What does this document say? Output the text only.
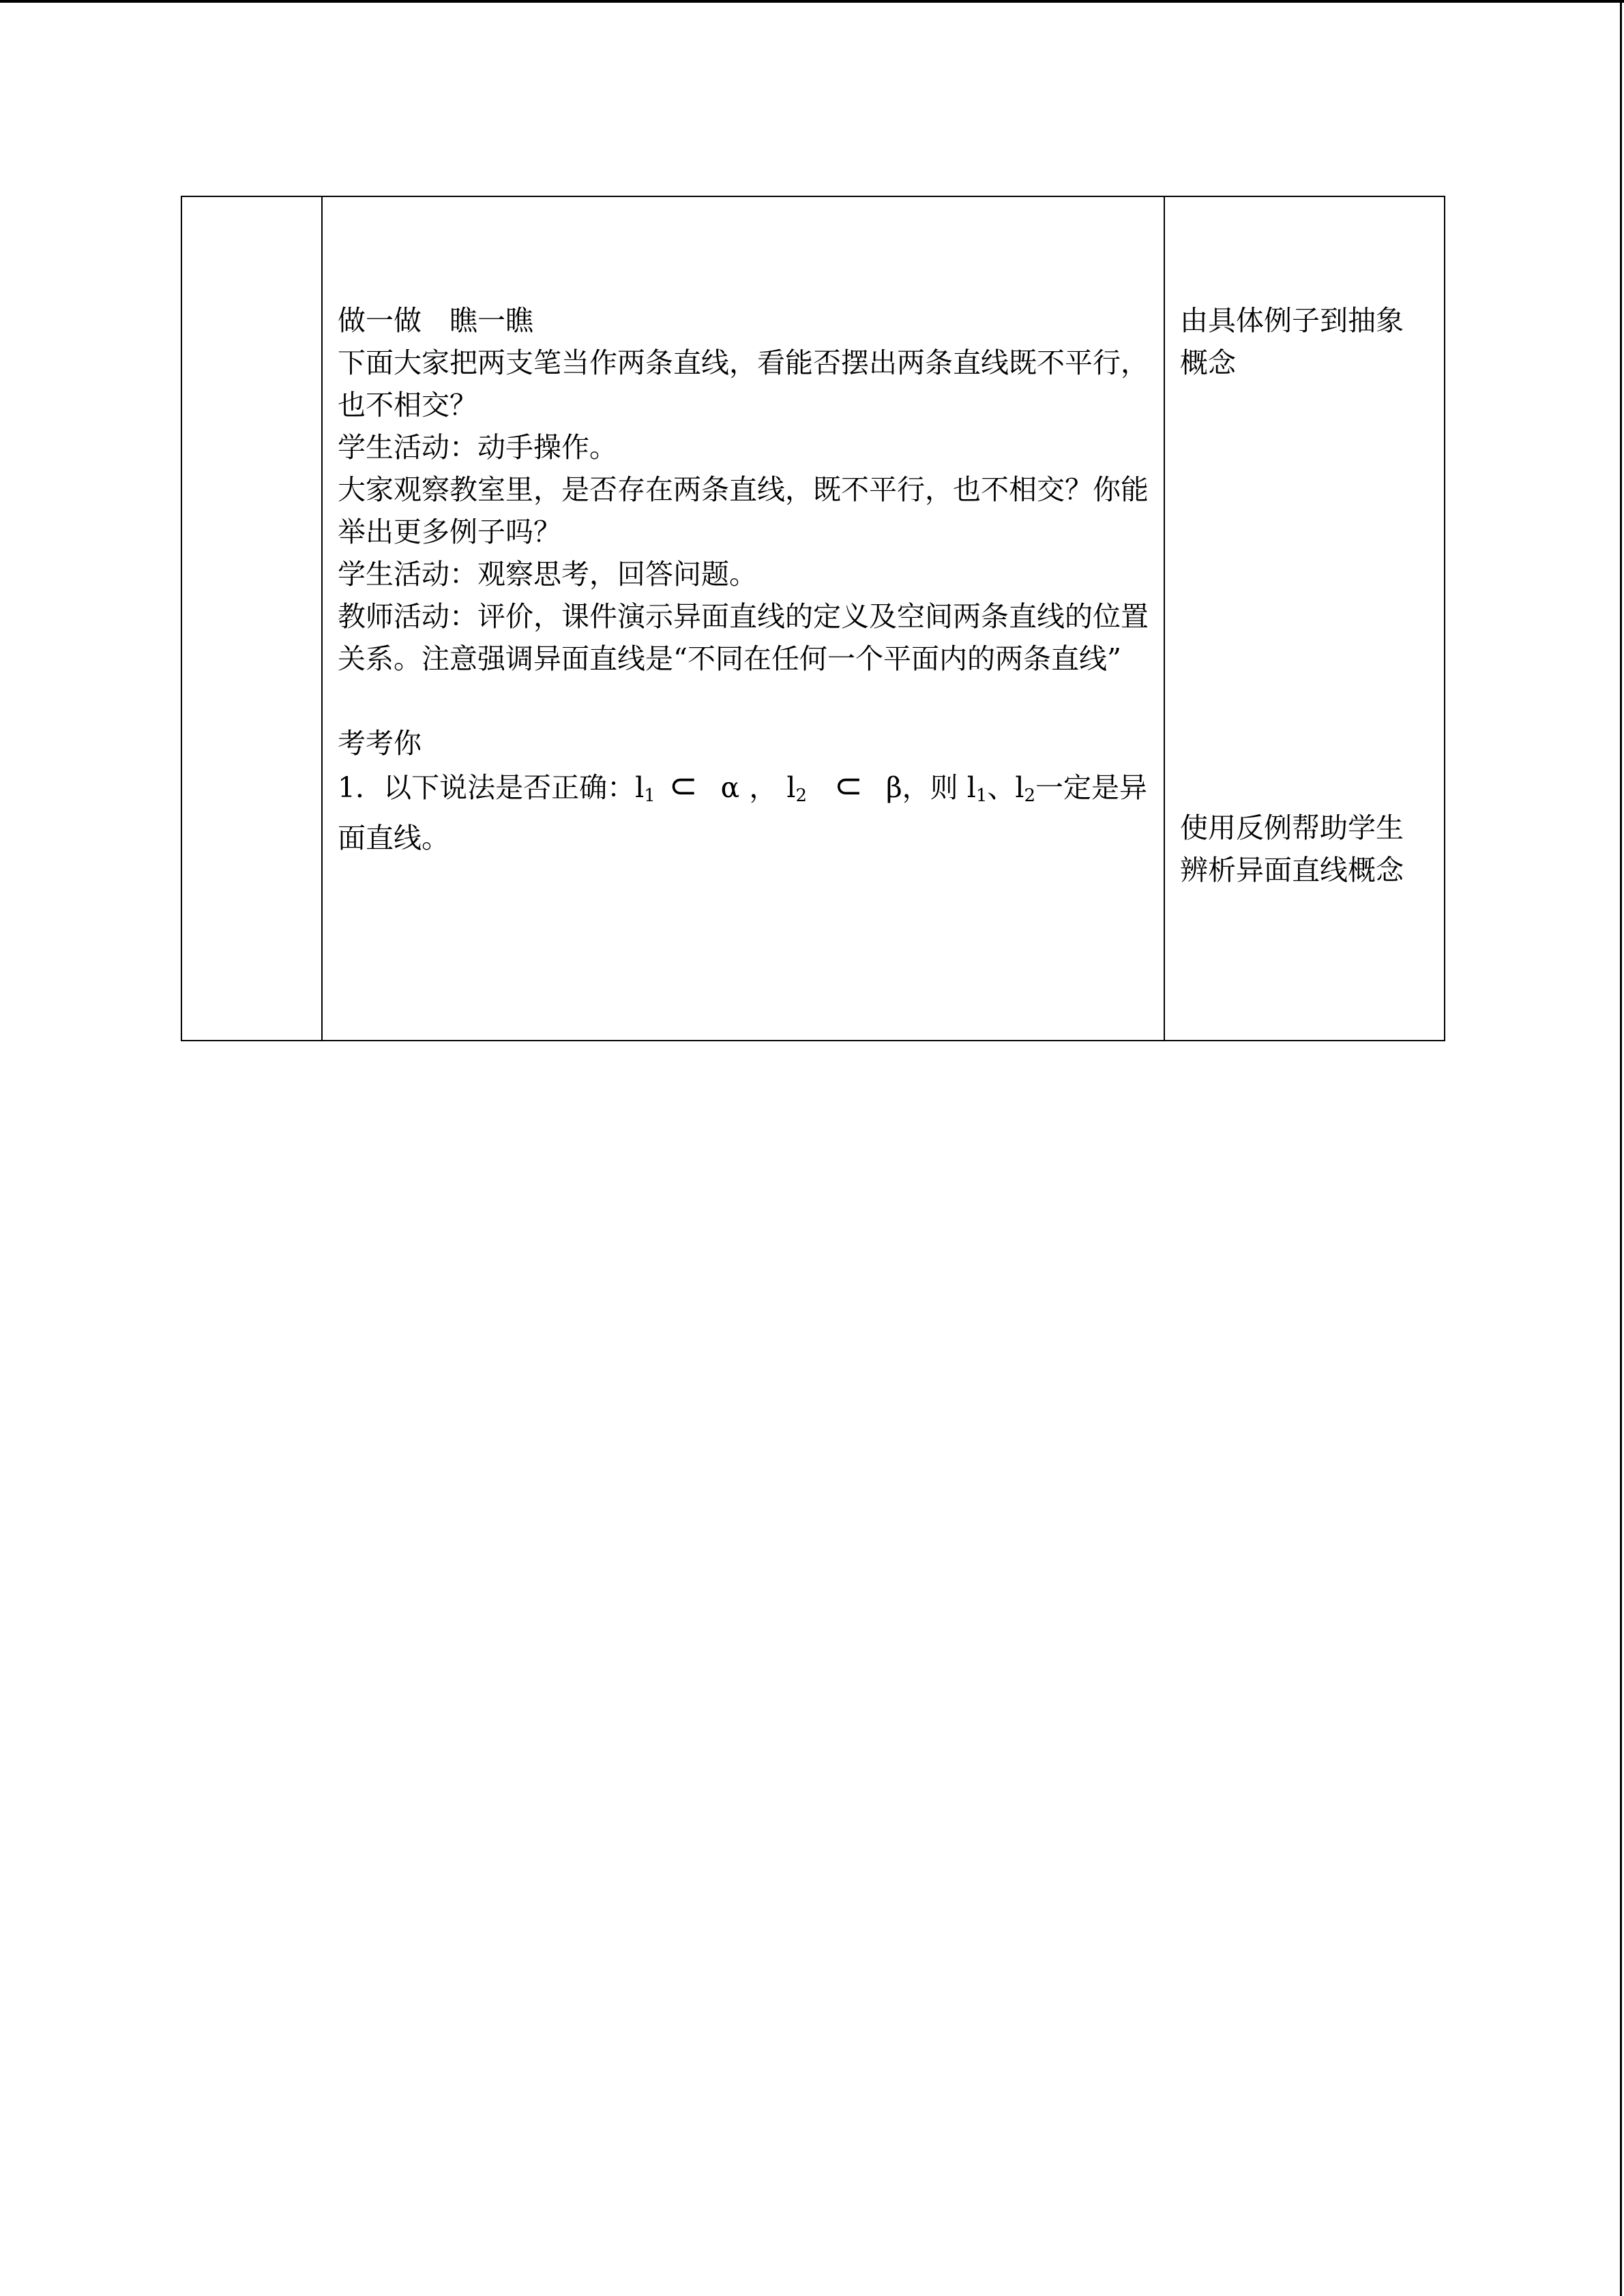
做一做　瞧一瞧

下面大家把两支笔当作两条直线，看能否摆出两条直线既不平行，也不相交？

学生活动：动手操作。

大家观察教室里，是否存在两条直线，既不平行，也不相交？你能举出更多例子吗？

学生活动：观察思考，回答问题。

教师活动：评价，课件演示异面直线的定义及空间两条直线的位置关系。注意强调异面直线是“不同在任何一个平面内的两条直线”

考考你

1．以下说法是否正确：$l_1$ ⊂ α ， $l_2$ ⊂ β，则 $l_1$、$l_2$一定是异面直线。

由具体例子到抽象概念

使用反例帮助学生辨析异面直线概念
